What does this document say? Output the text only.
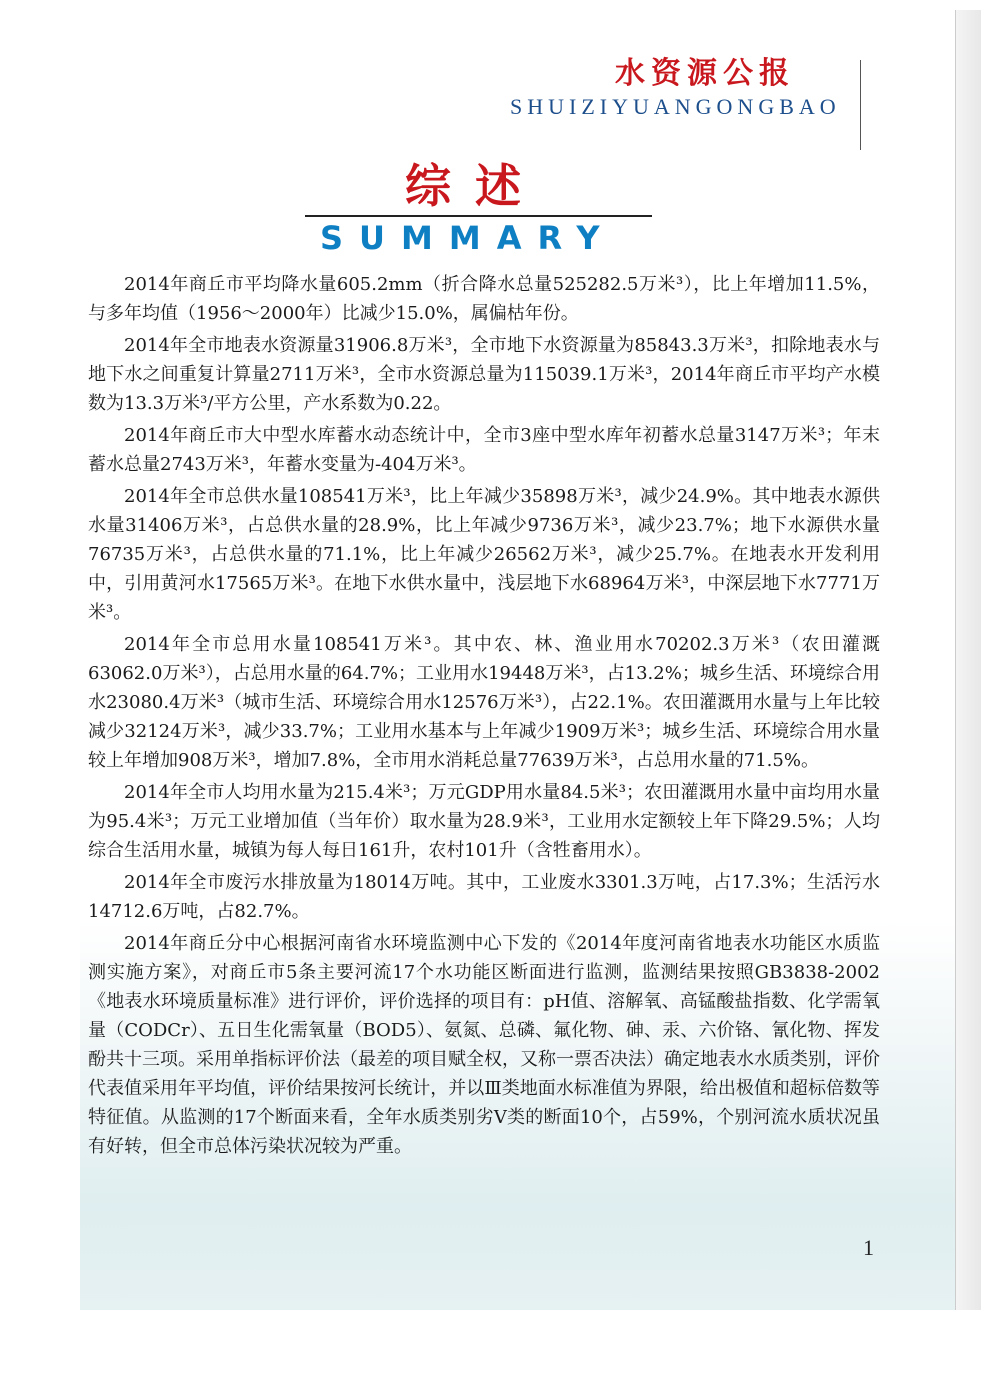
水资源公报
SHUIZIYUANGONGBAO
综述
SUMMARY

2014年商丘市平均降水量605.2mm（折合降水总量525282.5万米³），比上年增加11.5%，与多年均值（1956～2000年）比减少15.0%，属偏枯年份。

2014年全市地表水资源量31906.8万米³，全市地下水资源量为85843.3万米³，扣除地表水与地下水之间重复计算量2711万米³，全市水资源总量为115039.1万米³，2014年商丘市平均产水模数为13.3万米³/平方公里，产水系数为0.22。

2014年商丘市大中型水库蓄水动态统计中，全市3座中型水库年初蓄水总量3147万米³；年末蓄水总量2743万米³，年蓄水变量为-404万米³。

2014年全市总供水量108541万米³，比上年减少35898万米³，减少24.9%。其中地表水源供水量31406万米³，占总供水量的28.9%，比上年减少9736万米³，减少23.7%；地下水源供水量76735万米³，占总供水量的71.1%，比上年减少26562万米³，减少25.7%。在地表水开发利用中，引用黄河水17565万米³。在地下水供水量中，浅层地下水68964万米³，中深层地下水7771万米³。

2014年全市总用水量108541万米³。其中农、林、渔业用水70202.3万米³（农田灌溉63062.0万米³），占总用水量的64.7%；工业用水19448万米³，占13.2%；城乡生活、环境综合用水23080.4万米³（城市生活、环境综合用水12576万米³），占22.1%。农田灌溉用水量与上年比较减少32124万米³，减少33.7%；工业用水基本与上年减少1909万米³；城乡生活、环境综合用水量较上年增加908万米³，增加7.8%，全市用水消耗总量77639万米³，占总用水量的71.5%。

2014年全市人均用水量为215.4米³；万元GDP用水量84.5米³；农田灌溉用水量中亩均用水量为95.4米³；万元工业增加值（当年价）取水量为28.9米³，工业用水定额较上年下降29.5%；人均综合生活用水量，城镇为每人每日161升，农村101升（含牲畜用水）。

2014年全市废污水排放量为18014万吨。其中，工业废水3301.3万吨，占17.3%；生活污水14712.6万吨，占82.7%。

2014年商丘分中心根据河南省水环境监测中心下发的《2014年度河南省地表水功能区水质监测实施方案》，对商丘市5条主要河流17个水功能区断面进行监测，监测结果按照GB3838-2002《地表水环境质量标准》进行评价，评价选择的项目有：pH值、溶解氧、高锰酸盐指数、化学需氧量（CODCr）、五日生化需氧量（BOD5）、氨氮、总磷、氟化物、砷、汞、六价铬、氰化物、挥发酚共十三项。采用单指标评价法（最差的项目赋全权，又称一票否决法）确定地表水水质类别，评价代表值采用年平均值，评价结果按河长统计，并以Ⅲ类地面水标准值为界限，给出极值和超标倍数等特征值。从监测的17个断面来看，全年水质类别劣Ⅴ类的断面10个，占59%，个别河流水质状况虽有好转，但全市总体污染状况较为严重。

1
